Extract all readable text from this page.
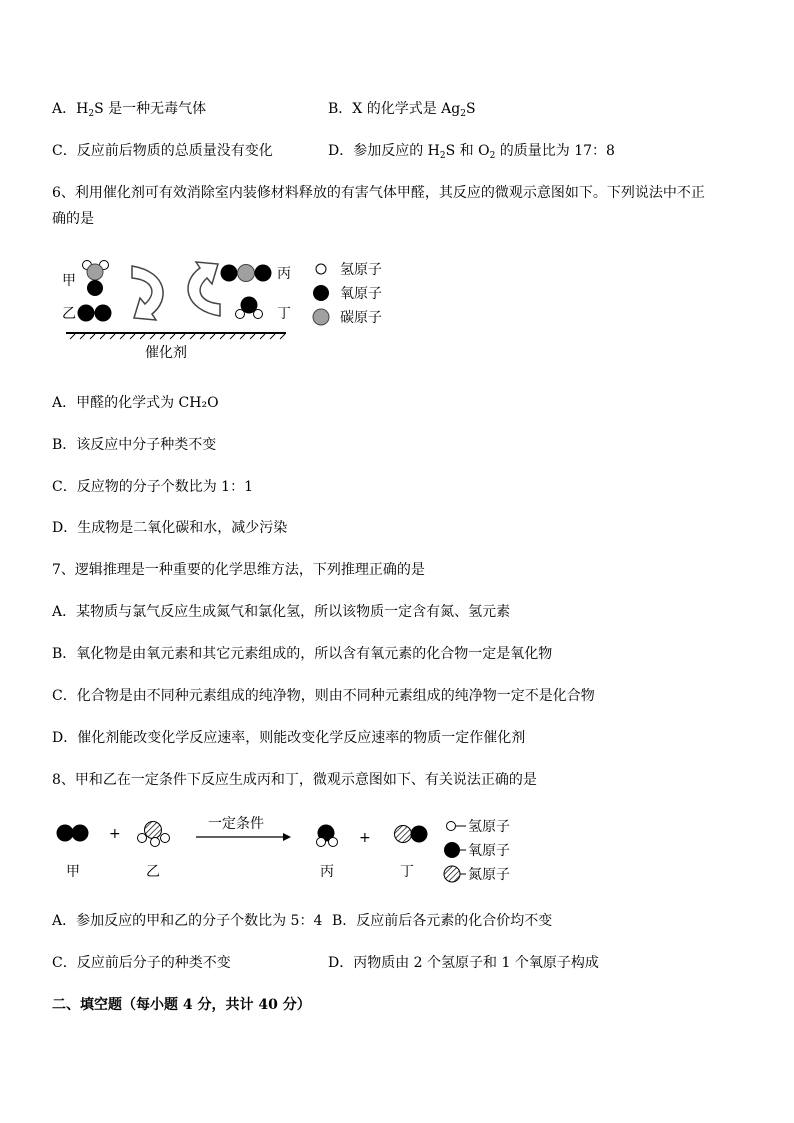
A．$H_2S$ 是一种无毒气体	B．X 的化学式是 $Ag_2S$
C．反应前后物质的总质量没有变化	D．参加反应的 $H_2S$ 和 $O_2$ 的质量比为 17：8
6、利用催化剂可有效消除室内装修材料释放的有害气体甲醛，其反应的微观示意图如下。下列说法中不正
确的是
甲
乙
丙
丁
催化剂
氢原子
氧原子
碳原子
A．甲醛的化学式为 CH₂O
B．该反应中分子种类不变
C．反应物的分子个数比为 1：1
D．生成物是二氧化碳和水，减少污染
7、逻辑推理是一种重要的化学思维方法，下列推理正确的是
A．某物质与氯气反应生成氮气和氯化氢，所以该物质一定含有氮、氢元素
B．氧化物是由氧元素和其它元素组成的，所以含有氧元素的化合物一定是氧化物
C．化合物是由不同种元素组成的纯净物，则由不同种元素组成的纯净物一定不是化合物
D．催化剂能改变化学反应速率，则能改变化学反应速率的物质一定作催化剂
8、甲和乙在一定条件下反应生成丙和丁，微观示意图如下、有关说法正确的是
甲
+
乙
一定条件
丙
+
丁
氢原子
氧原子
氮原子
A．参加反应的甲和乙的分子个数比为 5：4 B．反应前后各元素的化合价均不变
C．反应前后分子的种类不变	D．丙物质由 2 个氢原子和 1 个氧原子构成
二、填空题（每小题 4 分，共计 40 分）
